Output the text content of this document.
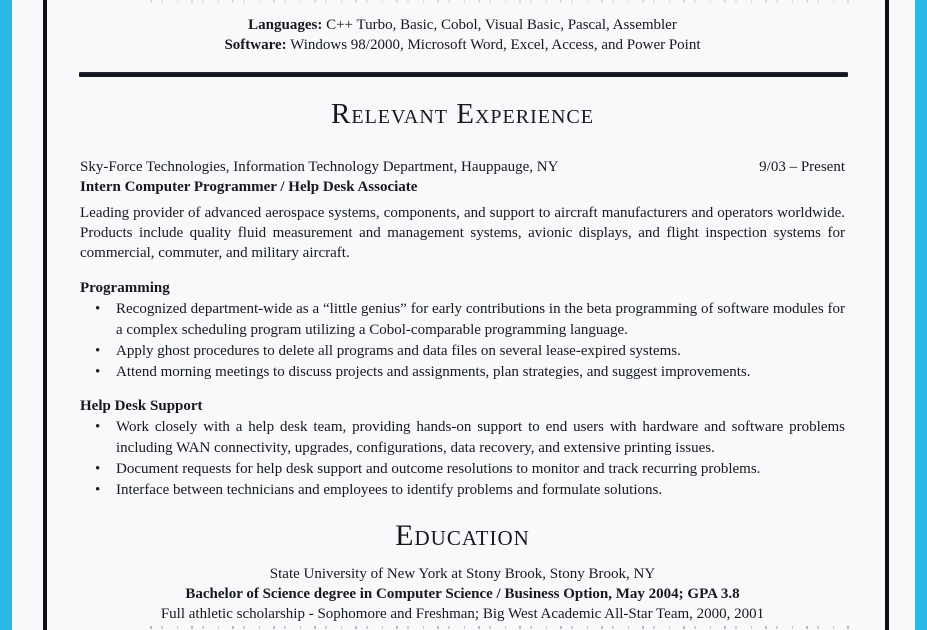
Languages: C++ Turbo, Basic, Cobol, Visual Basic, Pascal, Assembler
Software: Windows 98/2000, Microsoft Word, Excel, Access, and Power Point
Relevant Experience
Sky-Force Technologies, Information Technology Department, Hauppauge, NY	9/03 – Present
Intern Computer Programmer / Help Desk Associate

Leading provider of advanced aerospace systems, components, and support to aircraft manufacturers and operators worldwide. Products include quality fluid measurement and management systems, avionic displays, and flight inspection systems for commercial, commuter, and military aircraft.

Programming
• Recognized department-wide as a “little genius” for early contributions in the beta programming of software modules for a complex scheduling program utilizing a Cobol-comparable programming language.
• Apply ghost procedures to delete all programs and data files on several lease-expired systems.
• Attend morning meetings to discuss projects and assignments, plan strategies, and suggest improvements.
Help Desk Support
• Work closely with a help desk team, providing hands-on support to end users with hardware and software problems including WAN connectivity, upgrades, configurations, data recovery, and extensive printing issues.
• Document requests for help desk support and outcome resolutions to monitor and track recurring problems.
• Interface between technicians and employees to identify problems and formulate solutions.
Education
State University of New York at Stony Brook, Stony Brook, NY
Bachelor of Science degree in Computer Science / Business Option, May 2004; GPA 3.8
Full athletic scholarship - Sophomore and Freshman; Big West Academic All-Star Team, 2000, 2001
